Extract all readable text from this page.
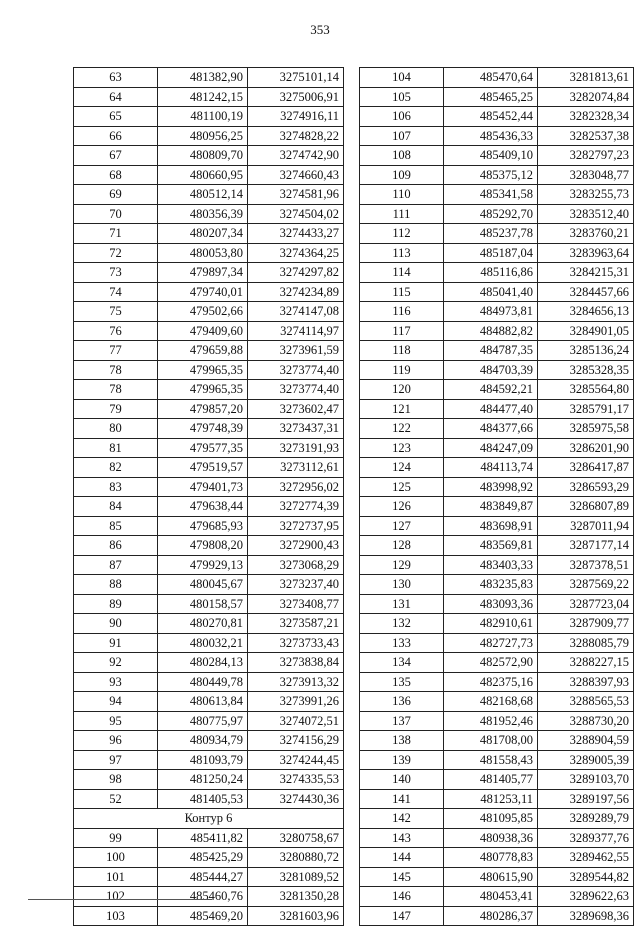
353
63	481382,90	3275101,14
64	481242,15	3275006,91
65	481100,19	3274916,11
66	480956,25	3274828,22
67	480809,70	3274742,90
68	480660,95	3274660,43
69	480512,14	3274581,96
70	480356,39	3274504,02
71	480207,34	3274433,27
72	480053,80	3274364,25
73	479897,34	3274297,82
74	479740,01	3274234,89
75	479502,66	3274147,08
76	479409,60	3274114,97
77	479659,88	3273961,59
78	479965,35	3273774,40
78	479965,35	3273774,40
79	479857,20	3273602,47
80	479748,39	3273437,31
81	479577,35	3273191,93
82	479519,57	3273112,61
83	479401,73	3272956,02
84	479638,44	3272774,39
85	479685,93	3272737,95
86	479808,20	3272900,43
87	479929,13	3273068,29
88	480045,67	3273237,40
89	480158,57	3273408,77
90	480270,81	3273587,21
91	480032,21	3273733,43
92	480284,13	3273838,84
93	480449,78	3273913,32
94	480613,84	3273991,26
95	480775,97	3274072,51
96	480934,79	3274156,29
97	481093,79	3274244,45
98	481250,24	3274335,53
52	481405,53	3274430,36
Контур 6		
99	485411,82	3280758,67
100	485425,29	3280880,72
101	485444,27	3281089,52
102	485460,76	3281350,28
103	485469,20	3281603,96
104	485470,64	3281813,61
105	485465,25	3282074,84
106	485452,44	3282328,34
107	485436,33	3282537,38
108	485409,10	3282797,23
109	485375,12	3283048,77
110	485341,58	3283255,73
111	485292,70	3283512,40
112	485237,78	3283760,21
113	485187,04	3283963,64
114	485116,86	3284215,31
115	485041,40	3284457,66
116	484973,81	3284656,13
117	484882,82	3284901,05
118	484787,35	3285136,24
119	484703,39	3285328,35
120	484592,21	3285564,80
121	484477,40	3285791,17
122	484377,66	3285975,58
123	484247,09	3286201,90
124	484113,74	3286417,87
125	483998,92	3286593,29
126	483849,87	3286807,89
127	483698,91	3287011,94
128	483569,81	3287177,14
129	483403,33	3287378,51
130	483235,83	3287569,22
131	483093,36	3287723,04
132	482910,61	3287909,77
133	482727,73	3288085,79
134	482572,90	3288227,15
135	482375,16	3288397,93
136	482168,68	3288565,53
137	481952,46	3288730,20
138	481708,00	3288904,59
139	481558,43	3289005,39
140	481405,77	3289103,70
141	481253,11	3289197,56
142	481095,85	3289289,79
143	480938,36	3289377,76
144	480778,83	3289462,55
145	480615,90	3289544,82
146	480453,41	3289622,63
147	480286,37	3289698,36
